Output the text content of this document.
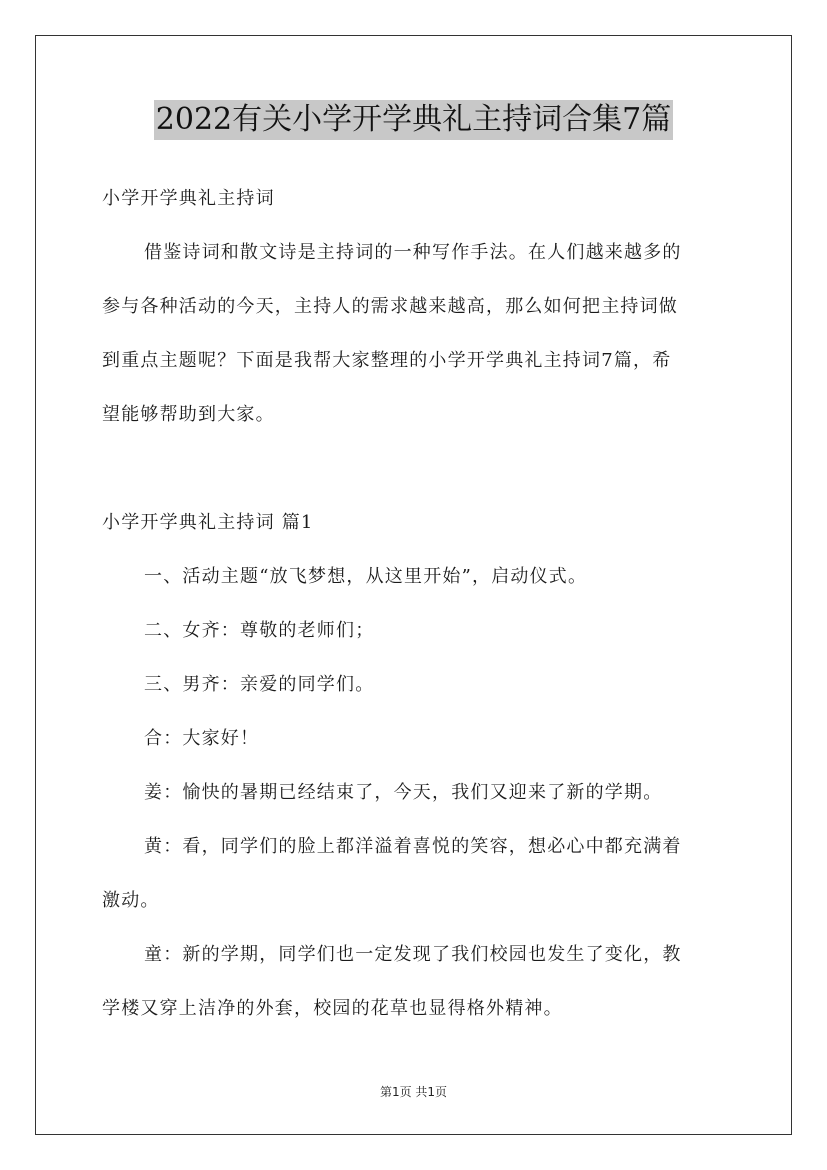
2022有关小学开学典礼主持词合集7篇

小学开学典礼主持词

借鉴诗词和散文诗是主持词的一种写作手法。在人们越来越多的

参与各种活动的今天，主持人的需求越来越高，那么如何把主持词做

到重点主题呢？下面是我帮大家整理的小学开学典礼主持词7篇，希

望能够帮助到大家。

小学开学典礼主持词 篇1

一、活动主题“放飞梦想，从这里开始”，启动仪式。

二、女齐：尊敬的老师们；

三、男齐：亲爱的同学们。

合：大家好！

姜：愉快的暑期已经结束了，今天，我们又迎来了新的学期。

黄：看，同学们的脸上都洋溢着喜悦的笑容，想必心中都充满着

激动。

童：新的学期，同学们也一定发现了我们校园也发生了变化，教

学楼又穿上洁净的外套，校园的花草也显得格外精神。

第1页 共1页
